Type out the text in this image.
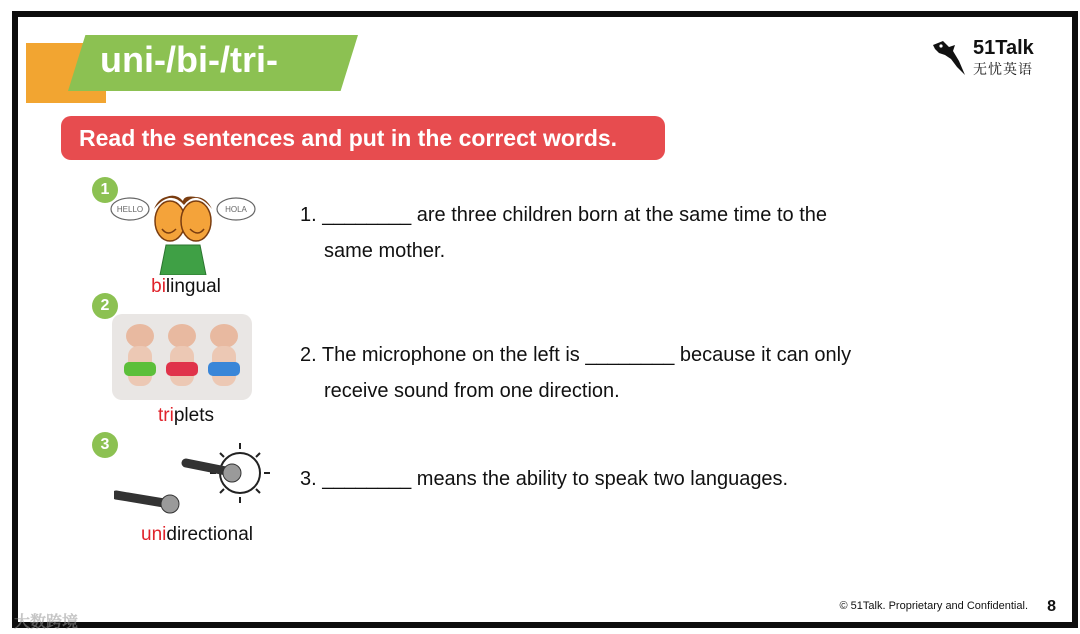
uni-/bi-/tri-	51Talk
无忧英语
Read the sentences and put in the correct words.
1
HELLO	HOLA
bilingual
2
triplets
3
unidirectional
1. ________ are three children born at the same time to the
same mother.
2. The microphone on the left is ________ because it can only
receive sound from one direction.
3. ________ means the ability to speak two languages.
© 51Talk. Proprietary and Confidential. 8
大数跨境
